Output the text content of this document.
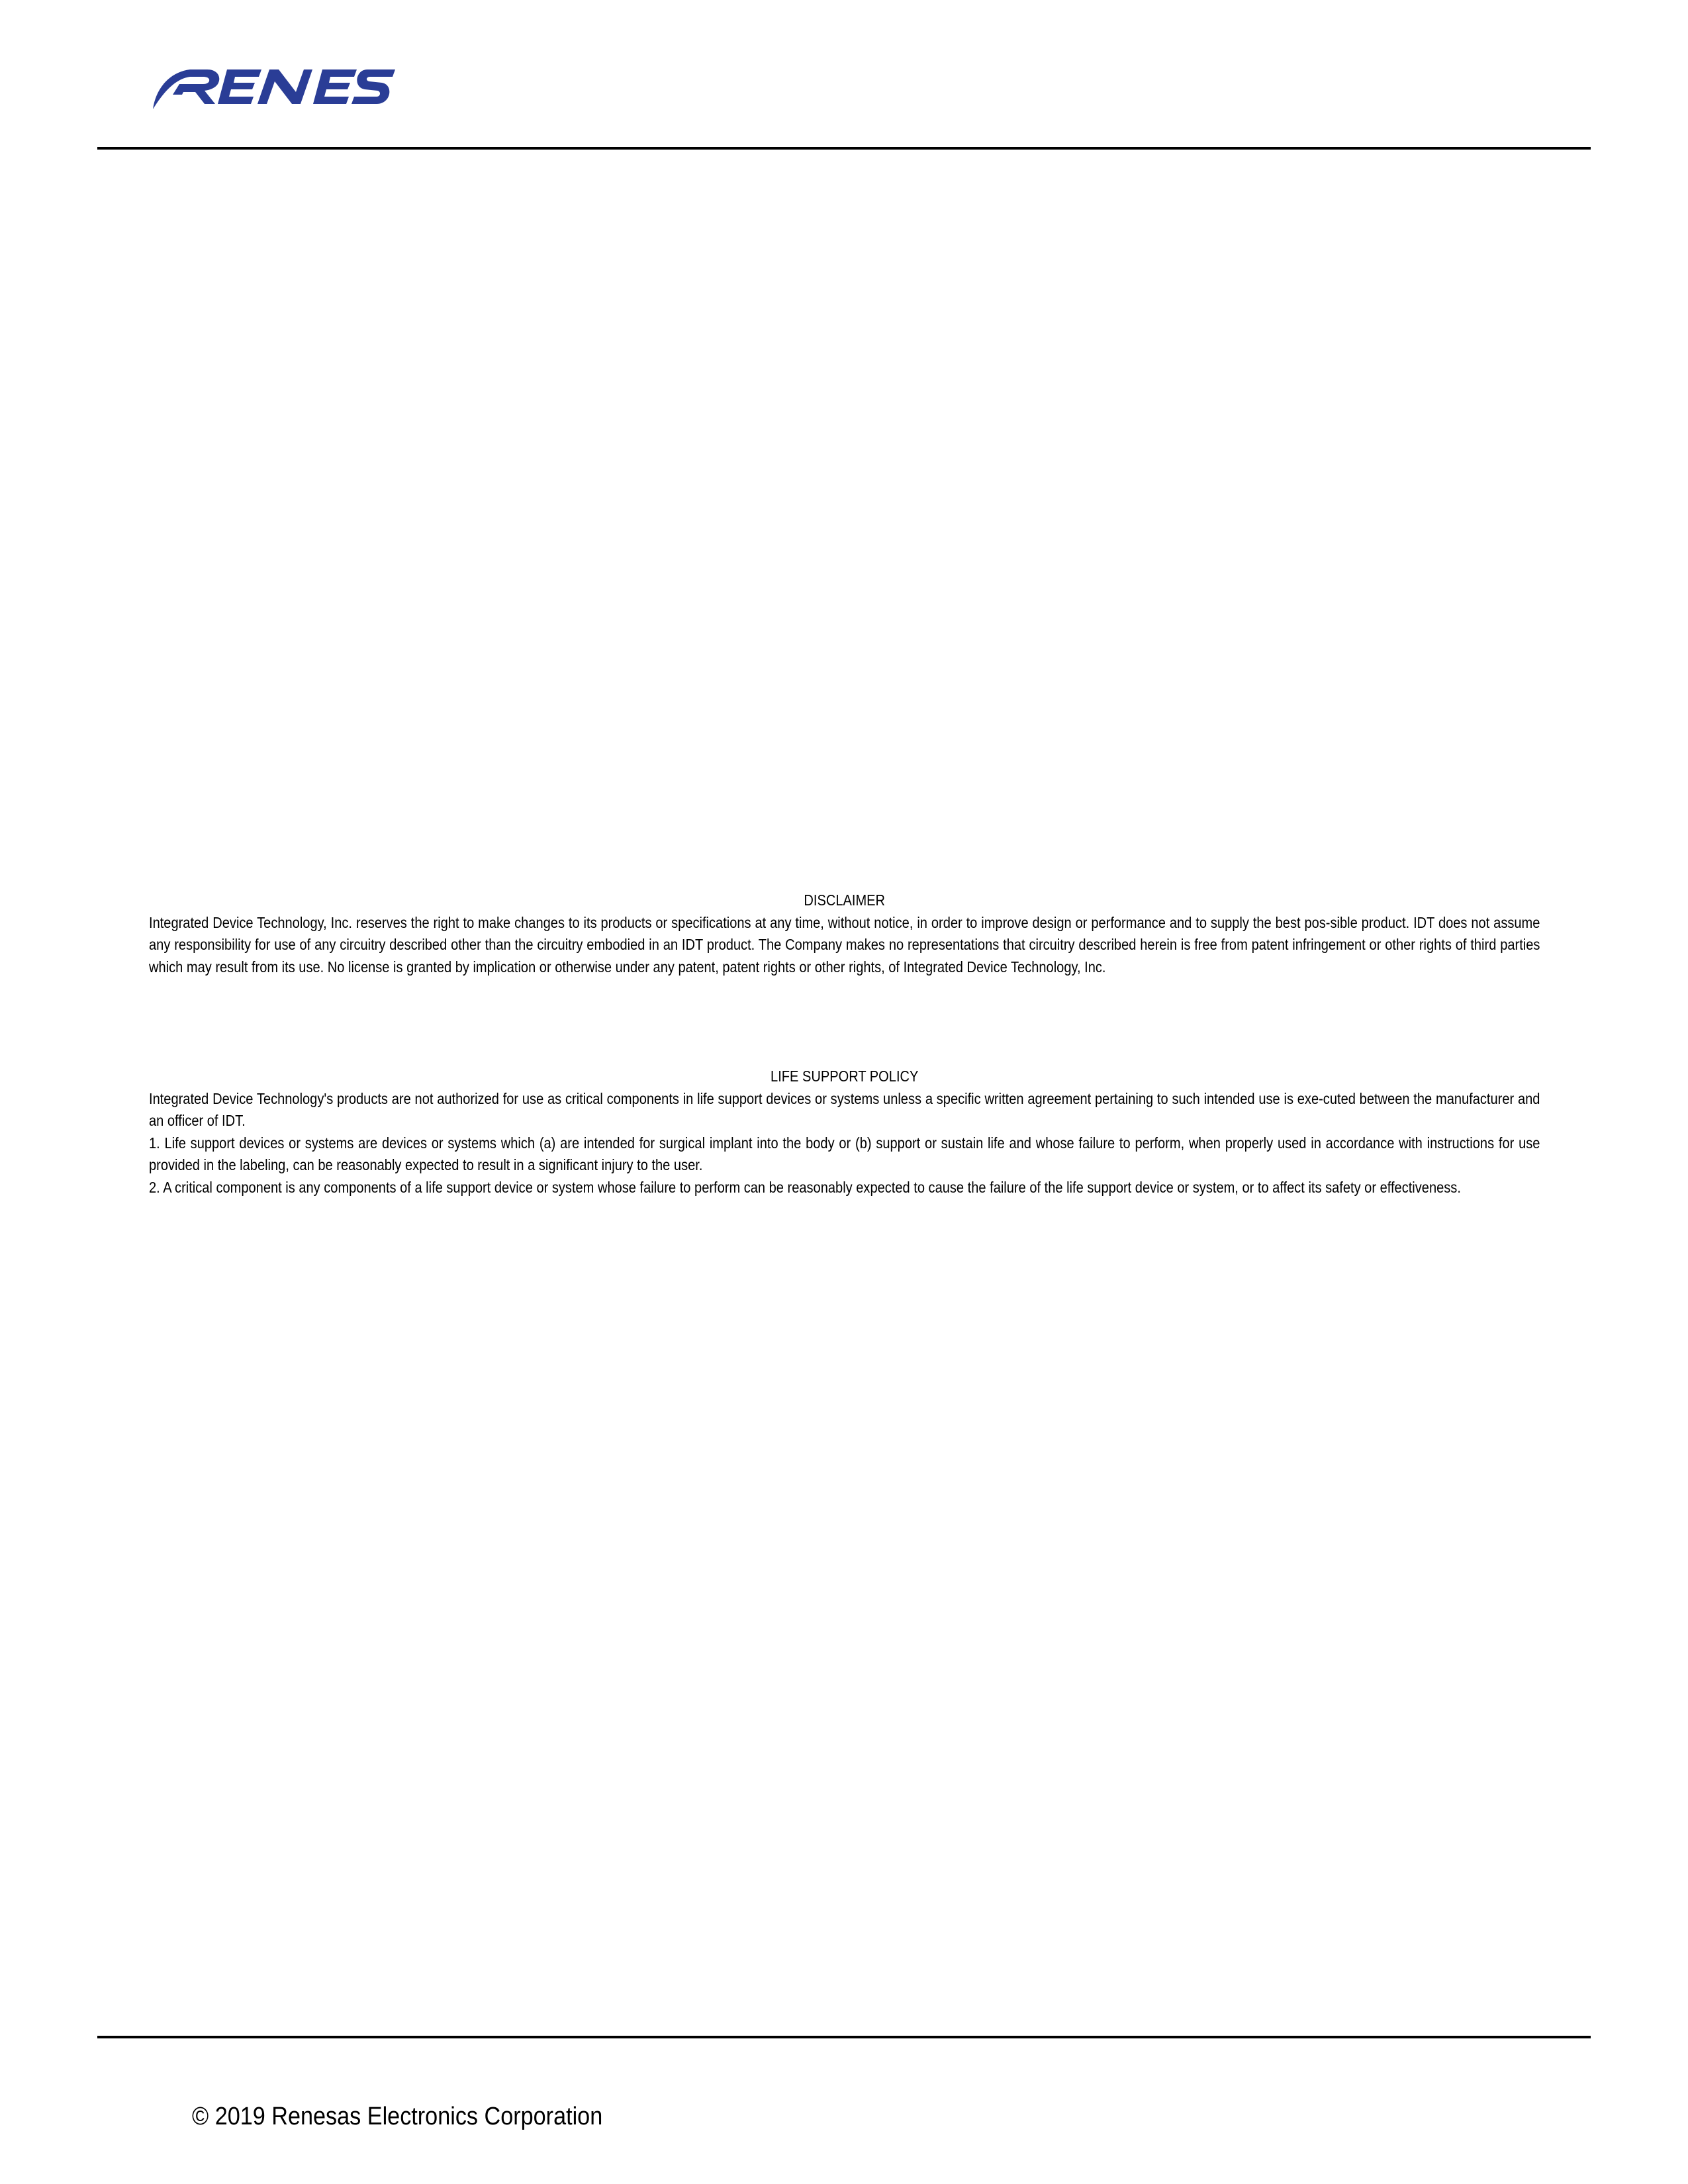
DISCLAIMER

Integrated Device Technology, Inc. reserves the right to make changes to its products or specifications at any time, without notice, in order to improve design or performance and to supply the best pos-sible product. IDT does not assume any responsibility for use of any circuitry described other than the circuitry embodied in an IDT product. The Company makes no representations that circuitry described herein is free from patent infringement or other rights of third parties which may result from its use. No license is granted by implication or otherwise under any patent, patent rights or other rights, of Integrated Device Technology, Inc.

LIFE SUPPORT POLICY

Integrated Device Technology's products are not authorized for use as critical components in life support devices or systems unless a specific written agreement pertaining to such intended use is exe-cuted between the manufacturer and an officer of IDT.

1. Life support devices or systems are devices or systems which (a) are intended for surgical implant into the body or (b) support or sustain life and whose failure to perform, when properly used in accordance with instructions for use provided in the labeling, can be reasonably expected to result in a significant injury to the user.

2. A critical component is any components of a life support device or system whose failure to perform can be reasonably expected to cause the failure of the life support device or system, or to affect its safety or effectiveness.

© 2019 Renesas Electronics Corporation
